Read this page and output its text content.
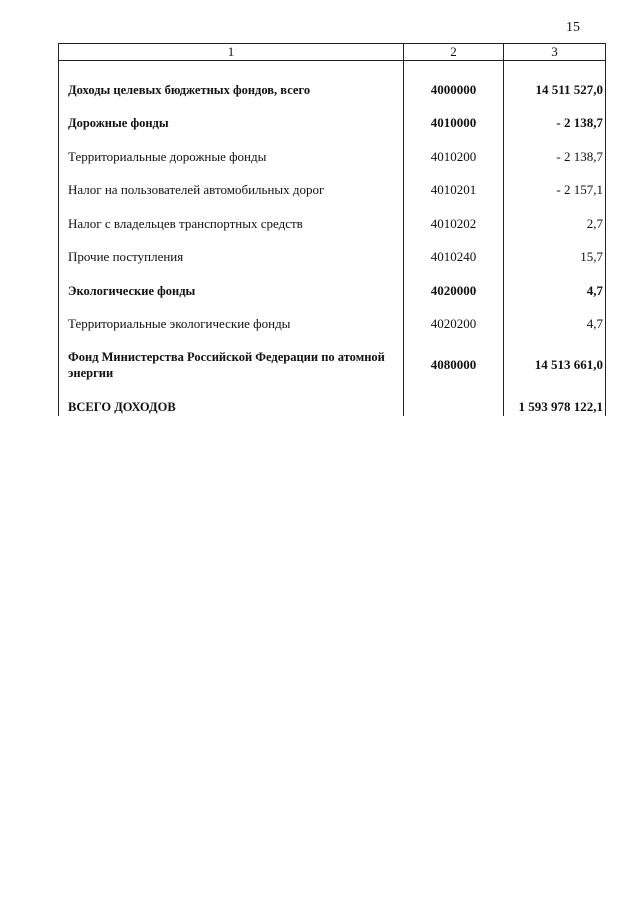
15
1	2	3

Доходы целевых бюджетных фондов, всего	4000000	14 511 527,0
Дорожные фонды	4010000	- 2 138,7
Территориальные дорожные фонды	4010200	- 2 138,7
Налог на пользователей автомобильных дорог	4010201	- 2 157,1
Налог с владельцев транспортных средств	4010202	2,7
Прочие поступления	4010240	15,7
Экологические фонды	4020000	4,7
Территориальные экологические фонды	4020200	4,7
Фонд Министерства Российской Федерации по атомной энергии	4080000	14 513 661,0
ВСЕГО ДОХОДОВ		1 593 978 122,1
